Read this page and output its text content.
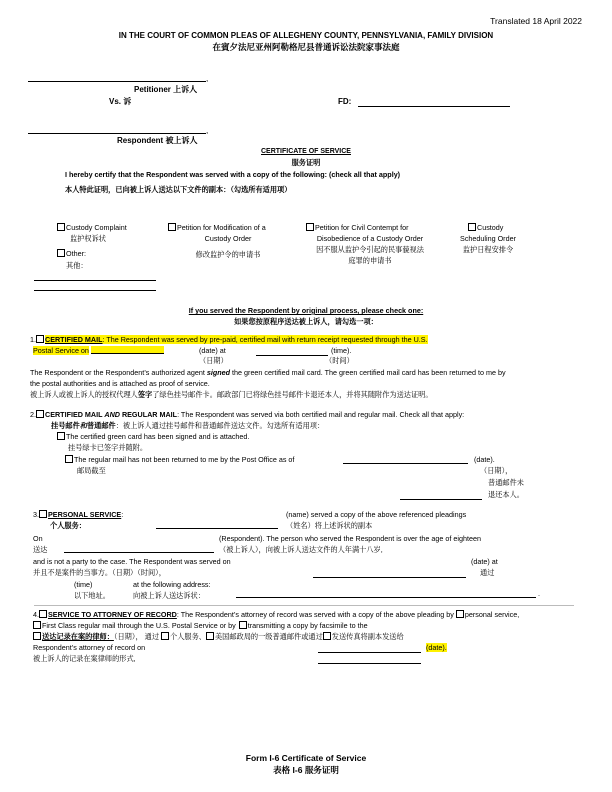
Translated 18 April 2022
IN THE COURT OF COMMON PLEAS OF ALLEGHENY COUNTY, PENNSYLVANIA, FAMILY DIVISION
在賓夕法尼亚州阿勒格尼县普通诉讼法院家事法庭
,
Petitioner 上诉人
Vs. 诉	FD:
,
Respondent 被上诉人
CERTIFICATE OF SERVICE
服务证明
I hereby certify that the Respondent was served with a copy of the following: (check all that apply)
本人特此证明，已向被上诉人送达以下文件的副本：（勾选所有适用项）
Custody Complaint
监护权诉状
Petition for Modification of a
Custody Order
修改监护令的申请书
Petition for Civil Contempt for
Disobedience of a Custody Order
因不服从监护令引起的民事藐视法
庭罪的申请书
Custody
Scheduling Order
监护日程安排令
Other:
其他：
If you served the Respondent by original process, please check one:
如果您按原程序送达被上诉人，请勾选一项：
1. CERTIFIED MAIL: The Respondent was served by pre-paid, certified mail with return receipt requested through the U.S.
Postal Service on	(date) at	(time).
（日期）	（时间）
The Respondent or the Respondent’s authorized agent signed the green certified mail card. The green certified mail card has been returned to me by
the postal authorities and is attached as proof of service.
被上诉人或被上诉人的授权代理人签字了绿色挂号邮件卡。邮政部门已将绿色挂号邮件卡退还本人，并将其随附作为送达证明。
2. CERTIFIED MAIL AND REGULAR MAIL: The Respondent was served via both certified mail and regular mail. Check all that apply:
挂号邮件和普通邮件：被上诉人通过挂号邮件和普通邮件送达文件。勾选所有适用项：
The certified green card has been signed and is attached.
挂号绿卡已签字并随附。
The regular mail has not been returned to me by the Post Office as of
邮局截至
(date).
（日期），
普通邮件未
退还本人。
3. PERSONAL SERVICE:
个人服务：
(name) served a copy of the above referenced pleadings
（姓名）将上述诉状的副本
On
送达
(Respondent). The person who served the Respondent is over the age of eighteen
（被上诉人），向被上诉人送达文件的人年满十八岁,
and is not a party to the case. The Respondent was served on
并且不是案件的当事方。（日期）（时间），
(date) at
通过
(time)
以下地址。
at the following address:
向被上诉人送达诉状：	.
4. SERVICE TO ATTORNEY OF RECORD: The Respondent’s attorney of record was served with a copy of the above pleading by personal service,
First Class regular mail through the U.S. Postal Service or by transmitting a copy by facsimile to the
送达记录在案的律师：（日期）， 通过 个人服务、 美国邮政局的一级普通邮件或通过 发送传真将副本发送给
Respondent’s attorney of record on
被上诉人的记录在案律师的形式,
(date).
Form I-6 Certificate of Service
表格 I-6 服务证明
